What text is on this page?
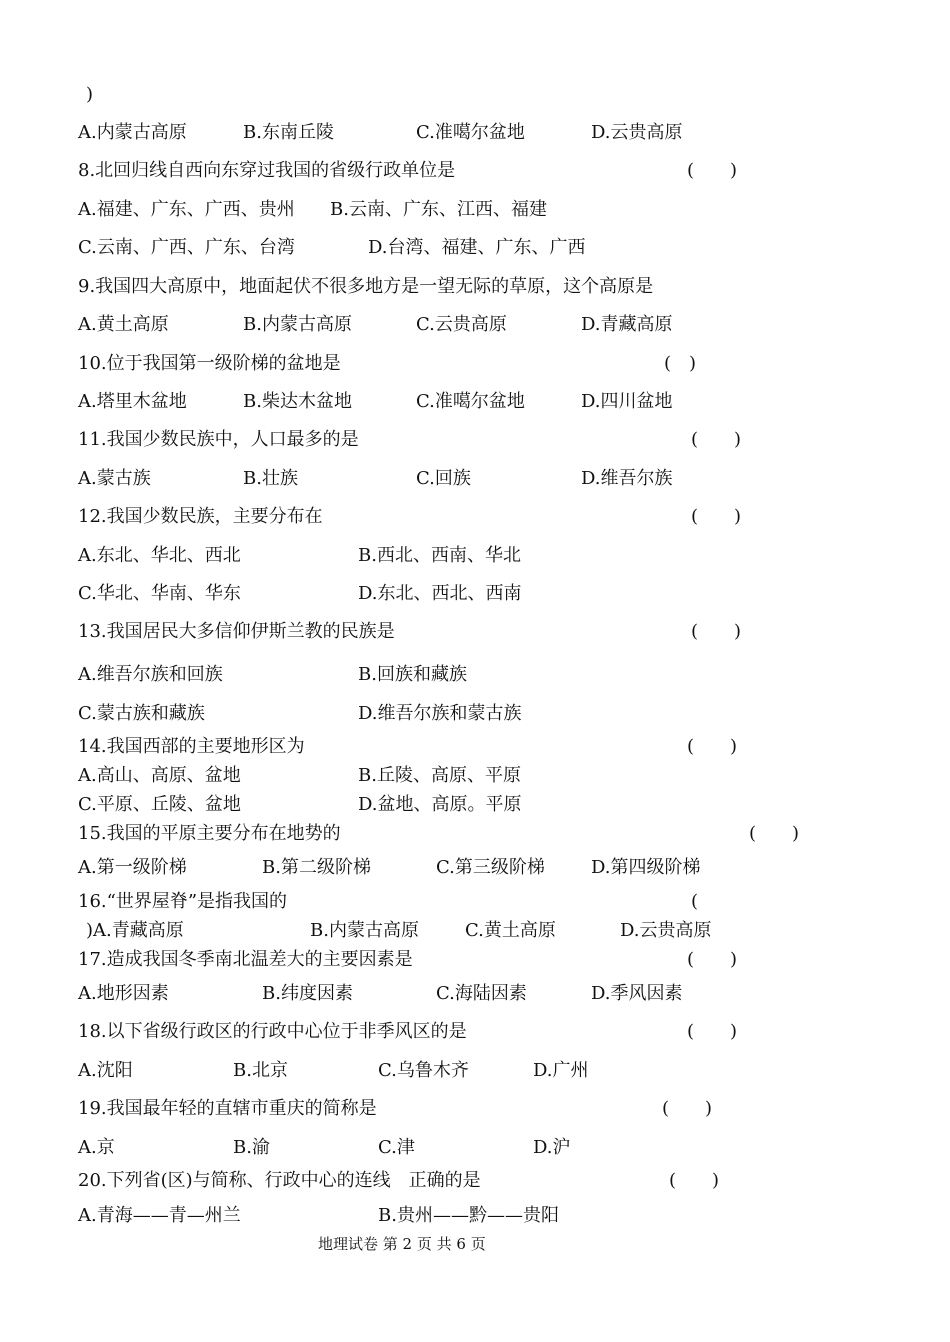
)
A.内蒙古高原	B.东南丘陵	C.准噶尔盆地	D.云贵高原
8.北回归线自西向东穿过我国的省级行政单位是	(　　)
A.福建、广东、广西、贵州 B.云南、广东、江西、福建
C.云南、广西、广东、台湾	D.台湾、福建、广东、广西
9.我国四大高原中，地面起伏不很多地方是一望无际的草原，这个高原是
A.黄土高原	B.内蒙古高原	C.云贵高原	D.青藏高原
10.位于我国第一级阶梯的盆地是	(　)
A.塔里木盆地	B.柴达木盆地	C.准噶尔盆地	D.四川盆地
11.我国少数民族中，人口最多的是	(　　)
A.蒙古族	B.壮族	C.回族	D.维吾尔族
12.我国少数民族，主要分布在	(　　)
A.东北、华北、西北	B.西北、西南、华北
C.华北、华南、华东	D.东北、西北、西南
13.我国居民大多信仰伊斯兰教的民族是	(　　)
A.维吾尔族和回族	B.回族和藏族
C.蒙古族和藏族	D.维吾尔族和蒙古族
14.我国西部的主要地形区为	(　　)
A.高山、高原、盆地	B.丘陵、高原、平原
C.平原、丘陵、盆地	D.盆地、高原。平原
15.我国的平原主要分布在地势的	(　　)
A.第一级阶梯	B.第二级阶梯	C.第三级阶梯	D.第四级阶梯
16.“世界屋脊”是指我国的	(
)A.青藏高原	B.内蒙古高原	C.黄土高原	D.云贵高原
17.造成我国冬季南北温差大的主要因素是	(　　)
A.地形因素	B.纬度因素	C.海陆因素	D.季风因素
18.以下省级行政区的行政中心位于非季风区的是	(　　)
A.沈阳	B.北京	C.乌鲁木齐	D.广州
19.我国最年轻的直辖市重庆的简称是	(　　)
A.京	B.渝	C.津	D.沪
20.下列省(区)与简称、行政中心的连线　正确的是	(　　)
A.青海——青—州兰	B.贵州——黔——贵阳
地理试卷 第 2 页 共 6 页
